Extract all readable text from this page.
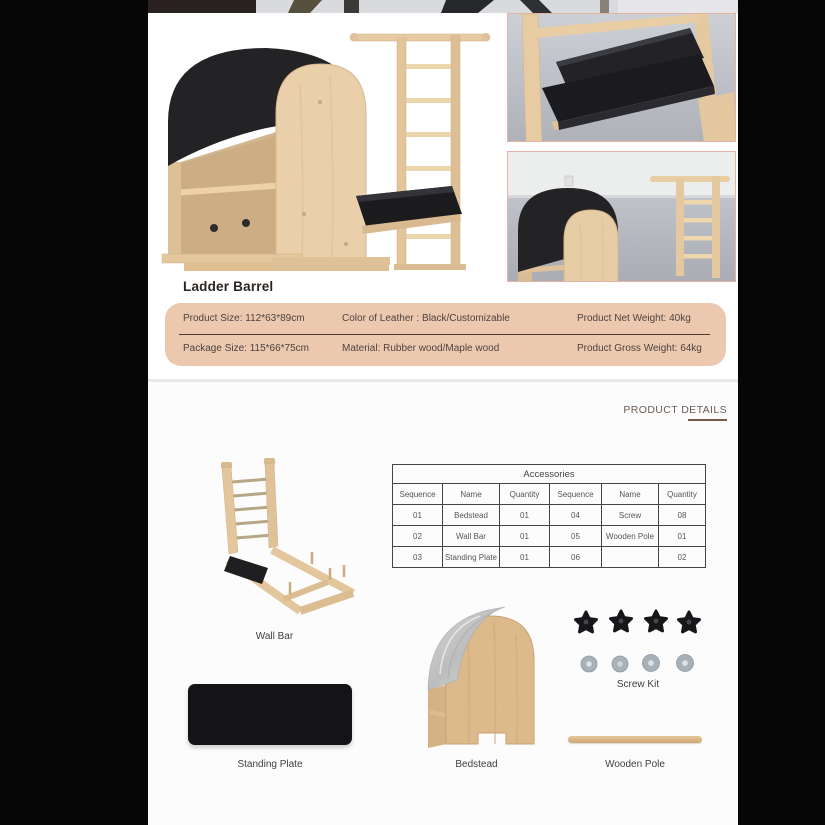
Ladder Barrel
Product Size: 112*63*89cm	Color of Leather : Black/Customizable	Product Net Weight: 40kg
Package Size: 115*66*75cm	Material: Rubber wood/Maple wood	Product Gross Weight: 64kg
PRODUCT DETAILS
Accessories					
Sequence	Name	Quantity	Sequence	Name	Quantity
01	Bedstead	01	04	Screw	08
02	Wall Bar	01	05	Wooden Pole	01
03	Standing Plate	01	06		02
Wall Bar
Standing Plate	Bedstead
Screw Kit
Wooden Pole
